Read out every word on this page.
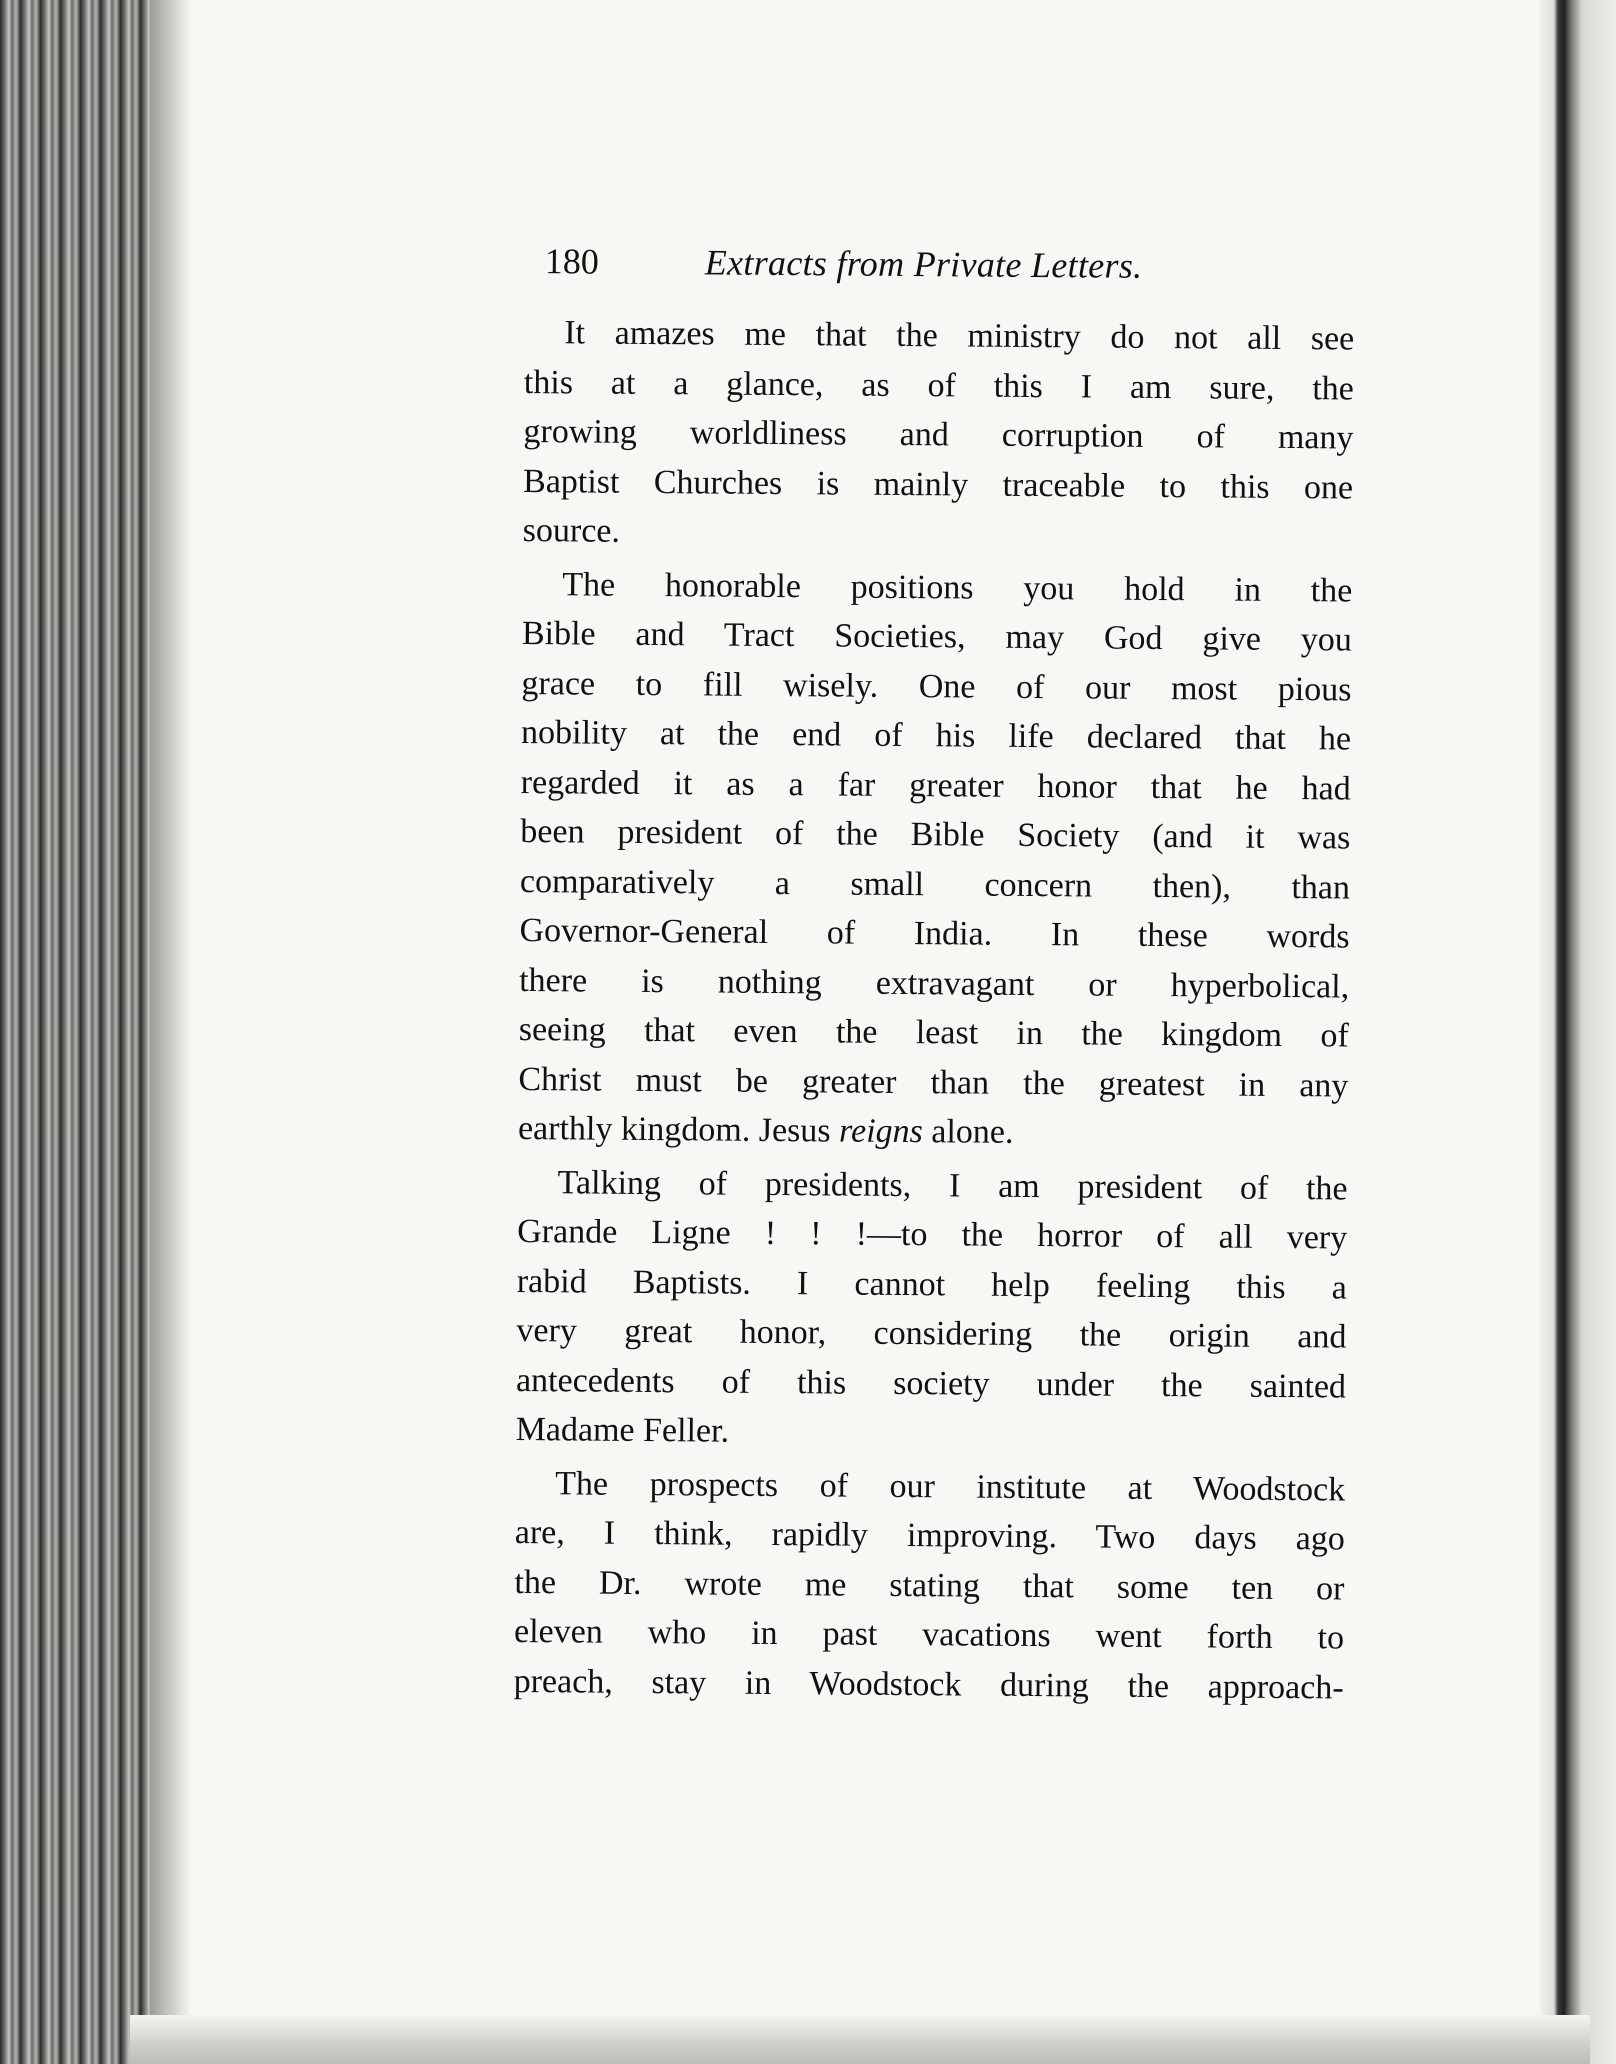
180	Extracts from Private Letters.
It amazes me that the ministry do not all see
this at a glance, as of this I am sure, the
growing worldliness and corruption of many
Baptist Churches is mainly traceable to this one
source.
The honorable positions you hold in the
Bible and Tract Societies, may God give you
grace to fill wisely. One of our most pious
nobility at the end of his life declared that he
regarded it as a far greater honor that he had
been president of the Bible Society (and it was
comparatively a small concern then), than
Governor-General of India. In these words
there is nothing extravagant or hyperbolical,
seeing that even the least in the kingdom of
Christ must be greater than the greatest in any
earthly kingdom. Jesus reigns alone.
Talking of presidents, I am president of the
Grande Ligne ! ! !—to the horror of all very
rabid Baptists. I cannot help feeling this a
very great honor, considering the origin and
antecedents of this society under the sainted
Madame Feller.
The prospects of our institute at Woodstock
are, I think, rapidly improving. Two days ago
the Dr. wrote me stating that some ten or
eleven who in past vacations went forth to
preach, stay in Woodstock during the approach-
